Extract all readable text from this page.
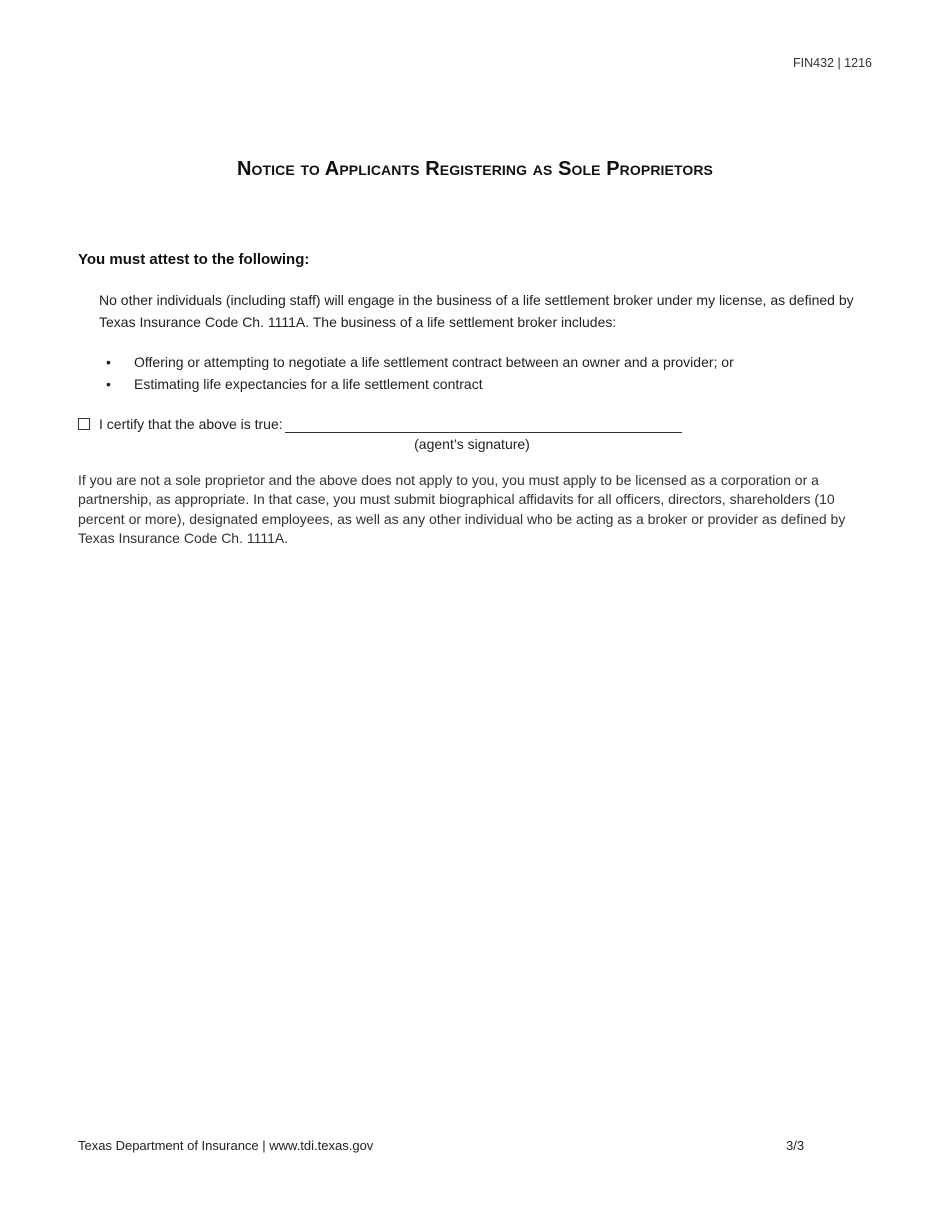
FIN432 | 1216
Notice to Applicants Registering as Sole Proprietors
You must attest to the following:
No other individuals (including staff) will engage in the business of a life settlement broker under my license, as defined by Texas Insurance Code Ch. 1111A. The business of a life settlement broker includes:
• Offering or attempting to negotiate a life settlement contract between an owner and a provider; or
• Estimating life expectancies for a life settlement contract
I certify that the above is true:
(agent’s signature)
If you are not a sole proprietor and the above does not apply to you, you must apply to be licensed as a corporation or a partnership, as appropriate. In that case, you must submit biographical affidavits for all officers, directors, shareholders (10 percent or more), designated employees, as well as any other individual who be acting as a broker or provider as defined by Texas Insurance Code Ch. 1111A.
Texas Department of Insurance | www.tdi.texas.gov	3/3
